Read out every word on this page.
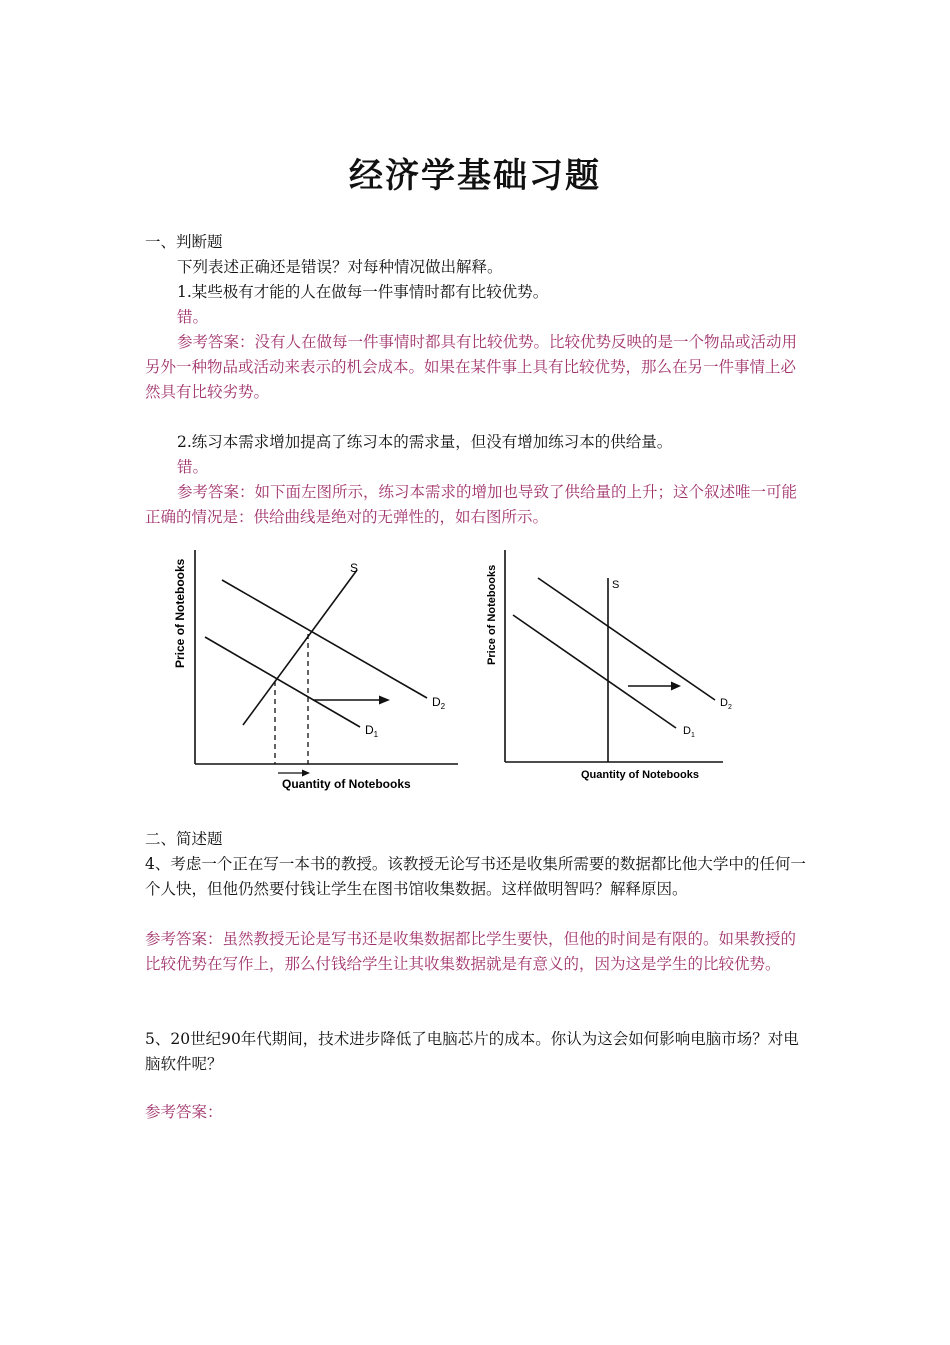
经济学基础习题
一、判断题
下列表述正确还是错误？对每种情况做出解释。
1.某些极有才能的人在做每一件事情时都有比较优势。
错。
参考答案：没有人在做每一件事情时都具有比较优势。比较优势反映的是一个物品或活动用另外一种物品或活动来表示的机会成本。如果在某件事上具有比较优势，那么在另一件事情上必然具有比较劣势。
2.练习本需求增加提高了练习本的需求量，但没有增加练习本的供给量。
错。
参考答案：如下面左图所示，练习本需求的增加也导致了供给量的上升；这个叙述唯一可能正确的情况是：供给曲线是绝对的无弹性的，如右图所示。
S
$D_1$
$D_2$
Quantity of Notebooks
Price of Notebooks	S
$D_1$
$D_2$
Quantity of Notebooks
Price of Notebooks
二、简述题
4、考虑一个正在写一本书的教授。该教授无论写书还是收集所需要的数据都比他大学中的任何一个人快，但他仍然要付钱让学生在图书馆收集数据。这样做明智吗？解释原因。
参考答案：虽然教授无论是写书还是收集数据都比学生要快，但他的时间是有限的。如果教授的比较优势在写作上，那么付钱给学生让其收集数据就是有意义的，因为这是学生的比较优势。
5、20世纪90年代期间，技术进步降低了电脑芯片的成本。你认为这会如何影响电脑市场？对电脑软件呢？
参考答案：
